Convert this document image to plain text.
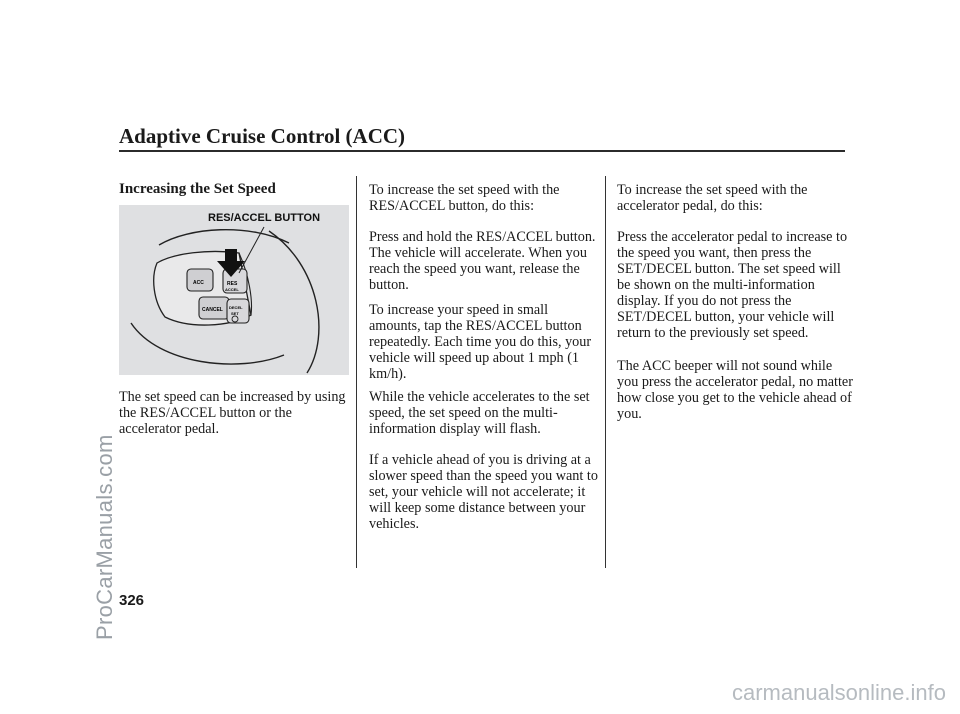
ProCarManuals.com
carmanualsonline.info
Adaptive Cruise Control (ACC)
Increasing the Set Speed
ACC
CANCEL
RES
ACCEL
DECEL
SET
RES/ACCEL BUTTON

The set speed can be increased by using the RES/ACCEL button or the accelerator pedal.

To increase the set speed with the RES/ACCEL button, do this:

Press and hold the RES/ACCEL button. The vehicle will accelerate. When you reach the speed you want, release the button.

To increase your speed in small amounts, tap the RES/ACCEL button repeatedly. Each time you do this, your vehicle will speed up about 1 mph (1 km/h).

While the vehicle accelerates to the set speed, the set speed on the multi-information display will flash.

If a vehicle ahead of you is driving at a slower speed than the speed you want to set, your vehicle will not accelerate; it will keep some distance between your vehicles.

To increase the set speed with the accelerator pedal, do this:

Press the accelerator pedal to increase to the speed you want, then press the SET/DECEL button. The set speed will be shown on the multi-information display. If you do not press the SET/DECEL button, your vehicle will return to the previously set speed.

The ACC beeper will not sound while you press the accelerator pedal, no matter how close you get to the vehicle ahead of you.

326
